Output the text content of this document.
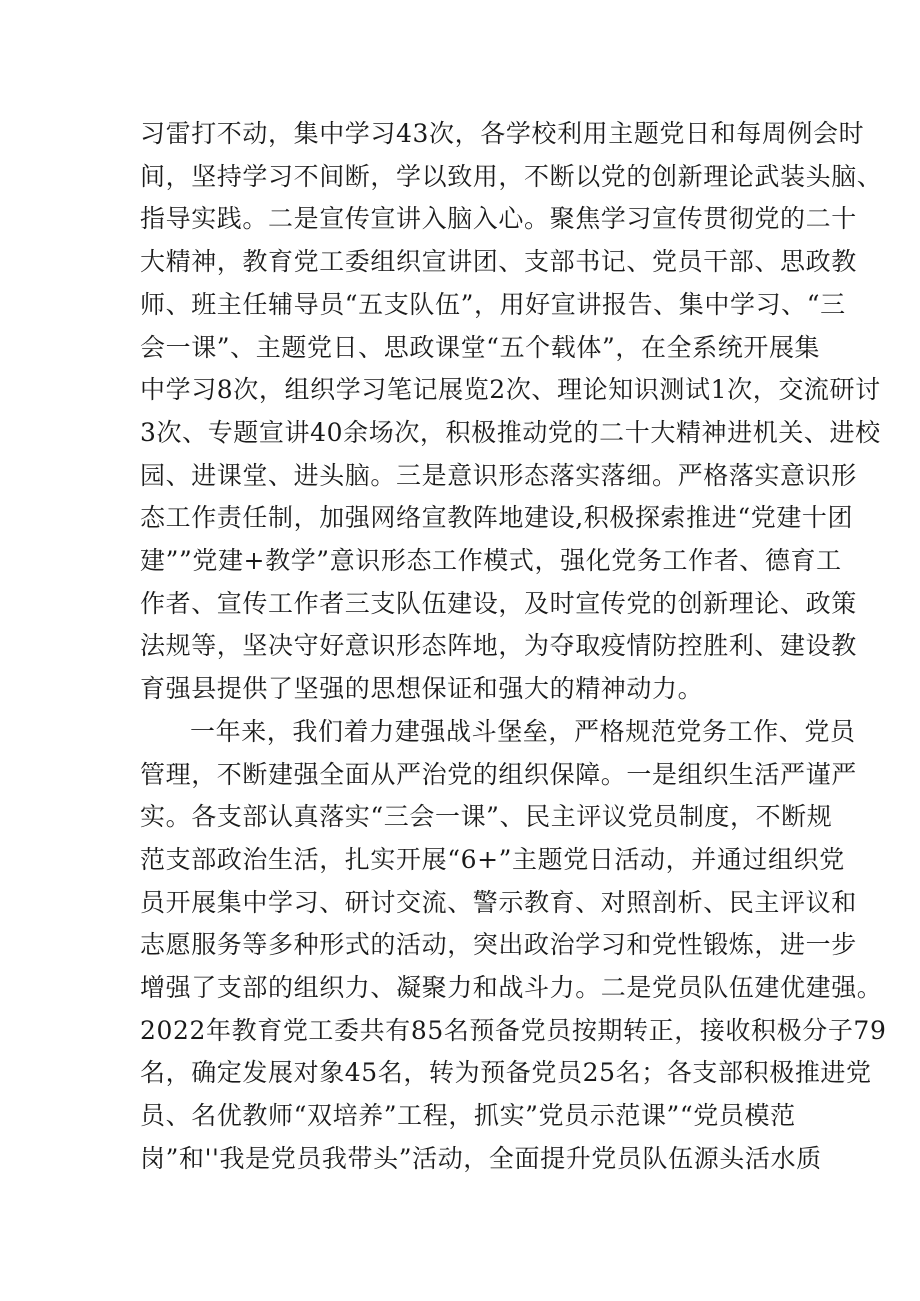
习雷打不动，集中学习43次，各学校利用主题党日和每周例会时
间，坚持学习不间断，学以致用，不断以党的创新理论武装头脑、
指导实践。二是宣传宣讲入脑入心。聚焦学习宣传贯彻党的二十
大精神，教育党工委组织宣讲团、支部书记、党员干部、思政教
师、班主任辅导员“五支队伍”，用好宣讲报告、集中学习、“三
会一课”、主题党日、思政课堂“五个载体”，在全系统开展集
中学习8次，组织学习笔记展览2次、理论知识测试1次，交流研讨
3次、专题宣讲40余场次，积极推动党的二十大精神进机关、进校
园、进课堂、进头脑。三是意识形态落实落细。严格落实意识形
态工作责任制，加强网络宣教阵地建设,积极探索推进“党建十团
建””党建+教学”意识形态工作模式，强化党务工作者、德育工
作者、宣传工作者三支队伍建设，及时宣传党的创新理论、政策
法规等，坚决守好意识形态阵地，为夺取疫情防控胜利、建设教
育强县提供了坚强的思想保证和强大的精神动力。
一年来，我们着力建强战斗堡垒，严格规范党务工作、党员
管理，不断建强全面从严治党的组织保障。一是组织生活严谨严
实。各支部认真落实“三会一课”、民主评议党员制度，不断规
范支部政治生活，扎实开展“6+”主题党日活动，并通过组织党
员开展集中学习、研讨交流、警示教育、对照剖析、民主评议和
志愿服务等多种形式的活动，突出政治学习和党性锻炼，进一步
增强了支部的组织力、凝聚力和战斗力。二是党员队伍建优建强。
2022年教育党工委共有85名预备党员按期转正，接收积极分子79
名，确定发展对象45名，转为预备党员25名；各支部积极推进党
员、名优教师“双培养”工程，抓实”党员示范课”“党员模范
岗”和''我是党员我带头”活动，全面提升党员队伍源头活水质
